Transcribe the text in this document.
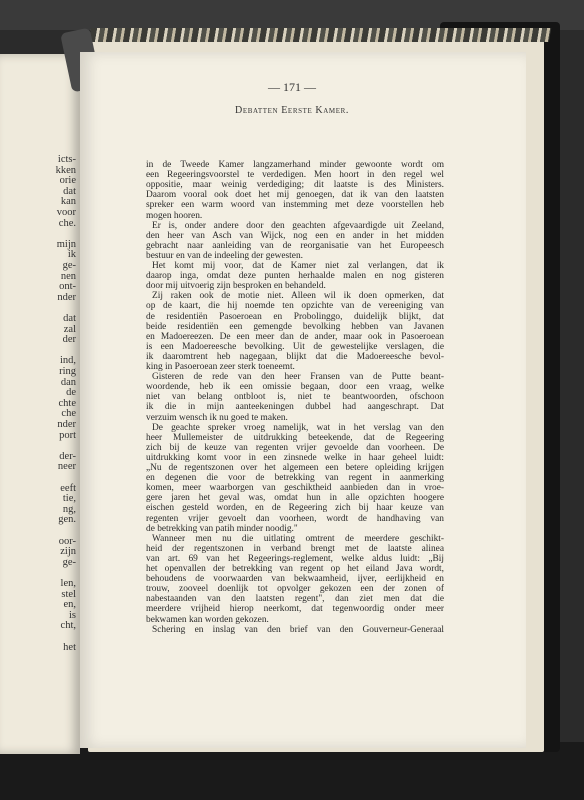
icts-
kken
orie
dat
kan
voor
che.
mijn
ik
ge-
nen
ont-
nder
dat
zal
der
ind,
ring
dan
de
chte
che
nder
port
der-
neer
eeft
tie,
ng,
gen.
oor-
zijn
ge-
len,
stel
en,
is
cht,
het
— 171 —
Debatten Eerste Kamer.
in de Tweede Kamer langzamerhand minder gewoonte wordt om
een Regeeringsvoorstel te verdedigen. Men hoort in den regel wel
oppositie, maar weinig verdediging; dit laatste is des Ministers.
Daarom vooral ook doet het mij genoegen, dat ik van den laatsten
spreker een warm woord van instemming met deze voorstellen heb
mogen hooren.
Er is, onder andere door den geachten afgevaardigde uit Zeeland,
den heer van Asch van Wijck, nog een en ander in het midden
gebracht naar aanleiding van de reorganisatie van het Europeesch
bestuur en van de indeeling der gewesten.
Het komt mij voor, dat de Kamer niet zal verlangen, dat ik
daarop inga, omdat deze punten herhaalde malen en nog gisteren
door mij uitvoerig zijn besproken en behandeld.
Zij raken ook de motie niet. Alleen wil ik doen opmerken, dat
op de kaart, die hij noemde ten opzichte van de vereeniging van
de residentiën Pasoeroean en Probolinggo, duidelijk blijkt, dat
beide residentiën een gemengde bevolking hebben van Javanen
en Madoereezen. De een meer dan de ander, maar ook in Pasoeroean
is een Madoereesche bevolking. Uit de gewestelijke verslagen, die
ik daaromtrent heb nagegaan, blijkt dat die Madoereesche bevol-
king in Pasoeroean zeer sterk toeneemt.
Gisteren de rede van den heer Fransen van de Putte beant-
woordende, heb ik een omissie begaan, door een vraag, welke
niet van belang ontbloot is, niet te beantwoorden, ofschoon
ik die in mijn aanteekeningen dubbel had aangeschrapt. Dat
verzuim wensch ik nu goed te maken.
De geachte spreker vroeg namelijk, wat in het verslag van den
heer Mullemeister de uitdrukking beteekende, dat de Regeering
zich bij de keuze van regenten vrijer gevoelde dan voorheen. De
uitdrukking komt voor in een zinsnede welke in haar geheel luidt:
„Nu de regentszonen over het algemeen een betere opleiding krijgen
en degenen die voor de betrekking van regent in aanmerking
komen, meer waarborgen van geschiktheid aanbieden dan in vroe-
gere jaren het geval was, omdat hun in alle opzichten hoogere
eischen gesteld worden, en de Regeering zich bij haar keuze van
regenten vrijer gevoelt dan voorheen, wordt de handhaving van
de betrekking van patih minder noodig."
Wanneer men nu die uitlating omtrent de meerdere geschikt-
heid der regentszonen in verband brengt met de laatste alinea
van art. 69 van het Regeerings-reglement, welke aldus luidt: „Bij
het openvallen der betrekking van regent op het eiland Java wordt,
behoudens de voorwaarden van bekwaamheid, ijver, eerlijkheid en
trouw, zooveel doenlijk tot opvolger gekozen een der zonen of
nabestaanden van den laatsten regent", dan ziet men dat die
meerdere vrijheid hierop neerkomt, dat tegenwoordig onder meer
bekwamen kan worden gekozen.
Schering en inslag van den brief van den Gouverneur-Generaal
